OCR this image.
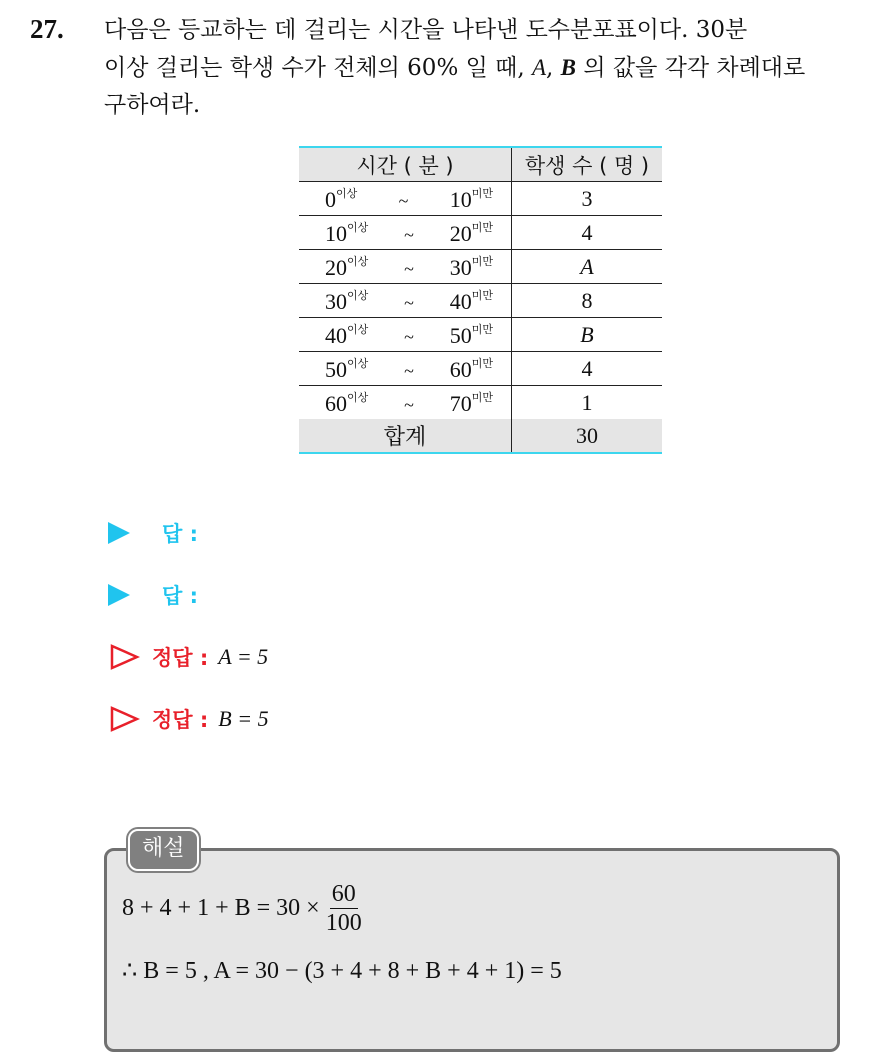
27. 다음은 등교하는 데 걸리는 시간을 나타낸 도수분포표이다. 30분

이상 걸리는 학생 수가 전체의 60% 일 때, A, B 의 값을 각각 차례대로

구하여라.

시간 ( 분 )	학생 수 ( 명 )

$0^{이상}$ ~ $10^{미만}$	3

$10^{이상}$ ~ $20^{미만}$	4

$20^{이상}$ ~ $30^{미만}$	A

$30^{이상}$ ~ $40^{미만}$	8

$40^{이상}$ ~ $50^{미만}$	B

$50^{이상}$ ~ $60^{미만}$	4

$60^{이상}$ ~ $70^{미만}$	1
합계	30
답 :
답 :
정답 : A = 5
정답 : B = 5
해설
$8 + 4 + 1 + B = 30 \times \frac{60}{100}$
∴ B = 5 , A = 30 − (3 + 4 + 8 + B + 4 + 1) = 5
